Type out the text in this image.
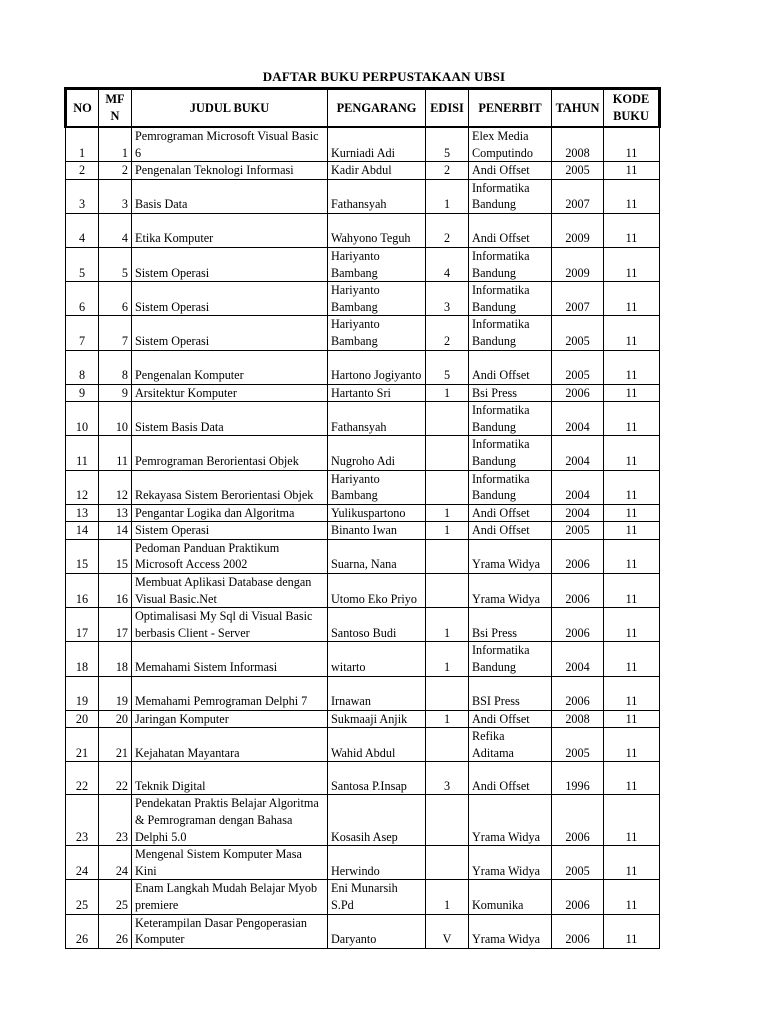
DAFTAR BUKU PERPUSTAKAAN UBSI
NO	MF N	JUDUL BUKU	PENGARANG	EDISI	PENERBIT	TAHUN	KODE BUKU
1	1	Pemrograman Microsoft Visual Basic 6	Kurniadi Adi	5	Elex Media Computindo	2008	11
2	2	Pengenalan Teknologi Informasi	Kadir Abdul	2	Andi Offset	2005	11
3	3	Basis Data	Fathansyah	1	Informatika Bandung	2007	11
4	4	Etika Komputer	Wahyono Teguh	2	Andi Offset	2009	11
5	5	Sistem Operasi	Hariyanto Bambang	4	Informatika Bandung	2009	11
6	6	Sistem Operasi	Hariyanto Bambang	3	Informatika Bandung	2007	11
7	7	Sistem Operasi	Hariyanto Bambang	2	Informatika Bandung	2005	11
8	8	Pengenalan Komputer	Hartono Jogiyanto	5	Andi Offset	2005	11
9	9	Arsitektur Komputer	Hartanto Sri	1	Bsi Press	2006	11
10	10	Sistem Basis Data	Fathansyah		Informatika Bandung	2004	11
11	11	Pemrograman Berorientasi Objek	Nugroho Adi		Informatika Bandung	2004	11
12	12	Rekayasa Sistem Berorientasi Objek	Hariyanto Bambang		Informatika Bandung	2004	11
13	13	Pengantar Logika dan Algoritma	Yulikuspartono	1	Andi Offset	2004	11
14	14	Sistem Operasi	Binanto Iwan	1	Andi Offset	2005	11
15	15	Pedoman Panduan Praktikum Microsoft Access 2002	Suarna, Nana		Yrama Widya	2006	11
16	16	Membuat Aplikasi Database dengan Visual Basic.Net	Utomo Eko Priyo		Yrama Widya	2006	11
17	17	Optimalisasi My Sql di Visual Basic berbasis Client - Server	Santoso Budi	1	Bsi Press	2006	11
18	18	Memahami Sistem Informasi	witarto	1	Informatika Bandung	2004	11
19	19	Memahami Pemrograman Delphi 7	Irnawan		BSI Press	2006	11
20	20	Jaringan Komputer	Sukmaaji Anjik	1	Andi Offset	2008	11
21	21	Kejahatan Mayantara	Wahid Abdul		Refika Aditama	2005	11
22	22	Teknik Digital	Santosa P.Insap	3	Andi Offset	1996	11
23	23	Pendekatan Praktis Belajar Algoritma & Pemrograman dengan Bahasa Delphi 5.0	Kosasih Asep		Yrama Widya	2006	11
24	24	Mengenal Sistem Komputer Masa Kini	Herwindo		Yrama Widya	2005	11
25	25	Enam Langkah Mudah Belajar Myob premiere	Eni Munarsih S.Pd	1	Komunika	2006	11
26	26	Keterampilan Dasar Pengoperasian Komputer	Daryanto	V	Yrama Widya	2006	11
